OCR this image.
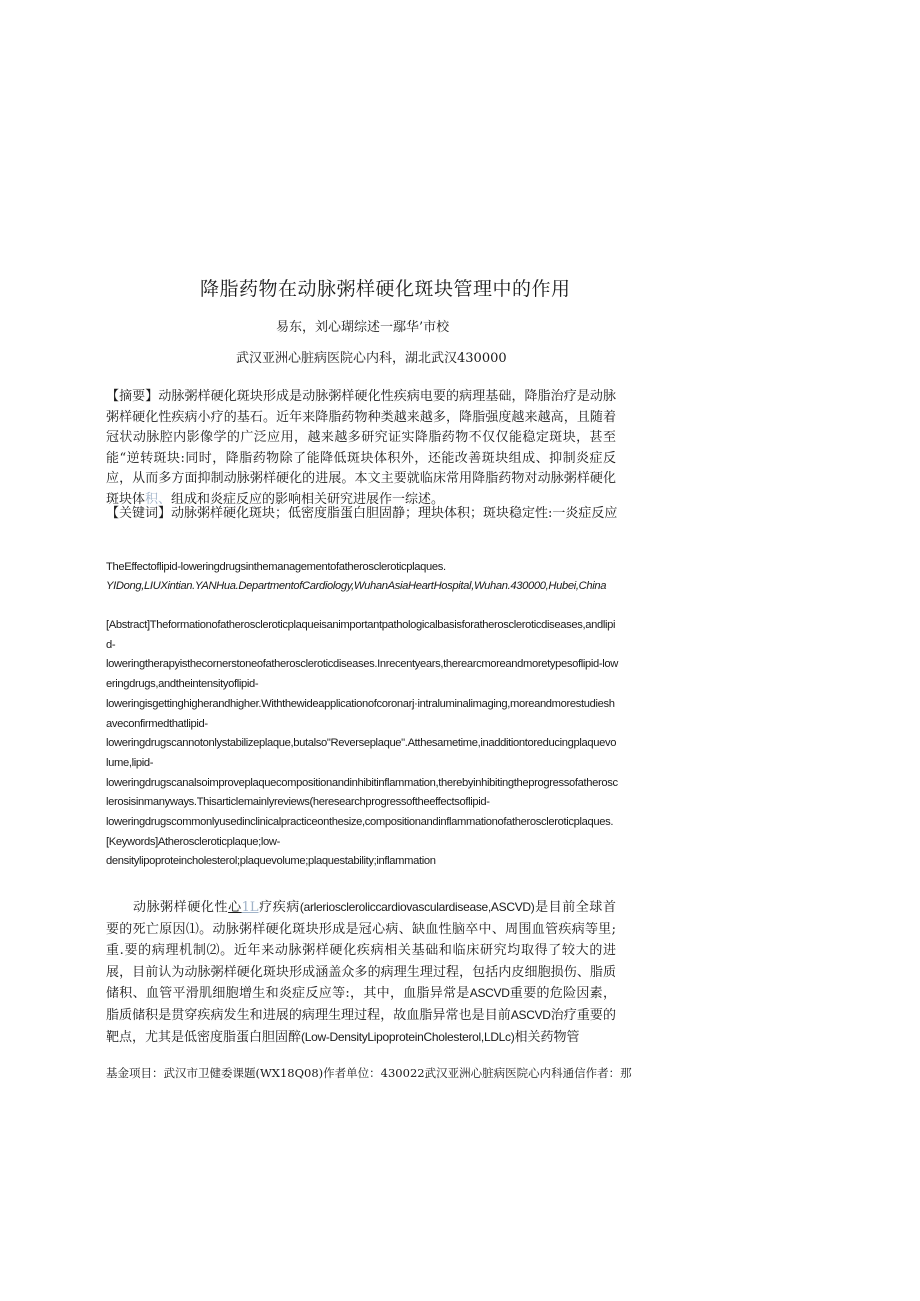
降脂药物在动脉粥样硬化斑块管理中的作用
易东，刘心瑚综述一鄢华’市校
武汉亚洲心脏病医院心内科，湖北武汉430000
【摘要】动脉粥样硬化斑块形成是动脉粥样硬化性疾病电要的病理基础，降脂治疗是动脉粥样硬化性疾病小疗的基石。近年来降脂药物种类越来越多，降脂强度越来越高，且随着冠状动脉腔内影像学的广泛应用，越来越多研究证实降脂药物不仅仅能稳定斑块，甚至能“逆转斑块:同时，降脂药物除了能降低斑块体积外，还能改善斑块组成、抑制炎症反应，从而多方面抑制动脉粥样硬化的进展。本文主要就临床常用降脂药物对动脉粥样硬化斑块体积、组成和炎症反应的影响相关研究进展作一综述。
【关键词】动脉粥样硬化斑块；低密度脂蛋白胆固静；理块体积；斑块稳定性:一炎症反应
TheEffectoflipid-loweringdrugsinthemanagementofatheroscleroticplaques.
YIDong,LIUXintian.YANHua.DepartmentofCardiology,WuhanAsiaHeartHospital,Wuhan.430000,Hubei,China
[Abstract]Theformationofatheroscleroticplaqueisanimportantpathologicalbasisforatheroscleroticdiseases,andlipid-
loweringtherapyisthecornerstoneofatheroscleroticdiseases.Inrecentyears,therearcmoreandmoretypesoflipid-loweringdrugs,andtheintensityoflipid-
loweringisgettinghigherandhigher.Withthewideapplicationofcoronarj·intraluminalimaging,moreandmorestudieshaveconfirmedthatlipid-
loweringdrugscannotonlystabilizeplaque,butalso"Reverseplaque".Atthesametime,inadditiontoreducingplaquevolume,lipid-
loweringdrugscanalsoimproveplaquecompositionandinhibitinflammation,therebyinhibitingtheprogressofatherosclerosisinmanyways.Thisarticlemainlyreviews(heresearchprogressoftheeffectsoflipid-
loweringdrugscommonlyusedinclinicalpracticeonthesize,compositionandinflammationofatheroscleroticplaques.
[Keywords]Atheroscleroticplaque;low-
densitylipoproteincholesterol;plaquevolume;plaquestability;inflammation
动脉粥样硬化性心1L疗疾病(arleriosclerolicсardiovasculardisease,ASCVD)是目前全球首要的死亡原因⑴。动脉粥样硬化斑块形成是冠心病、缺血性脑卒中、周围血管疾病等里;重.要的病理机制⑵。近年来动脉粥样硬化疾病相关基础和临床研究均取得了较大的进展，目前认为动脉粥样硬化斑块形成涵盖众多的病理生理过程，包括内皮细胞损伤、脂质储积、血管平滑肌细胞增生和炎症反应等:，其中，血脂异常是ASCVD重要的危险因素，脂质储积是贯穿疾病发生和进展的病理生理过程，故血脂异常也是目前ASCVD治疗重要的靶点，尤其是低密度脂蛋白胆固醉(Low-DensityLipoproteinCholesterol,LDLc)相关药物管
基金项目：武汉市卫健委课题(WX18Q08)作者单位：430022武汉亚洲心脏病医院心内科通信作者：那
